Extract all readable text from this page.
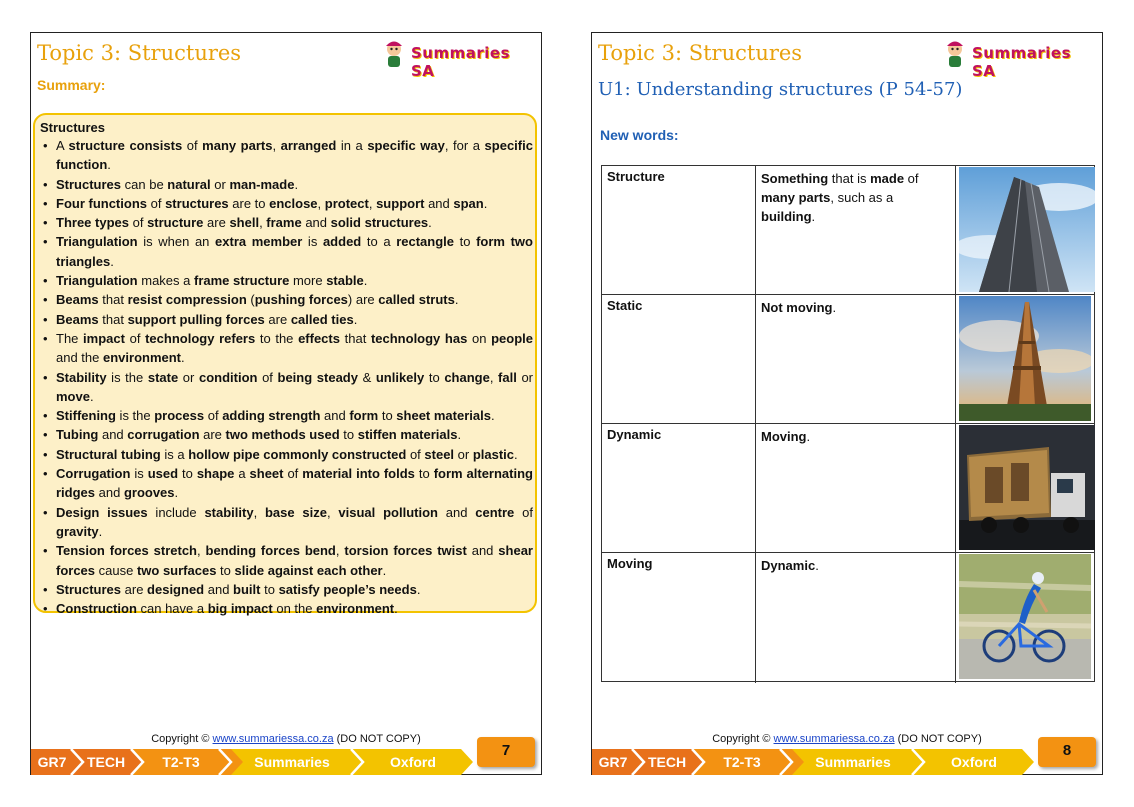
Topic 3: Structures	Summaries SA
Summary:
Structures
• A structure consists of many parts, arranged in a specific way, for a specific function.
• Structures can be natural or man-made.
• Four functions of structures are to enclose, protect, support and span.
• Three types of structure are shell, frame and solid structures.
• Triangulation is when an extra member is added to a rectangle to form two triangles.
• Triangulation makes a frame structure more stable.
• Beams that resist compression (pushing forces) are called struts.
• Beams that support pulling forces are called ties.
• The impact of technology refers to the effects that technology has on people and the environment.
• Stability is the state or condition of being steady & unlikely to change, fall or move.
• Stiffening is the process of adding strength and form to sheet materials.
• Tubing and corrugation are two methods used to stiffen materials.
• Structural tubing is a hollow pipe commonly constructed of steel or plastic.
• Corrugation is used to shape a sheet of material into folds to form alternating ridges and grooves.
• Design issues include stability, base size, visual pollution and centre of gravity.
• Tension forces stretch, bending forces bend, torsion forces twist and shear forces cause two surfaces to slide against each other.
• Structures are designed and built to satisfy people’s needs.
• Construction can have a big impact on the environment.
Copyright © www.summariessa.co.za (DO NOT COPY)
GR7	TECH	T2-T3	Summaries	Oxford
7
Topic 3: Structures	Summaries SA
U1: Understanding structures (P 54-57)
New words:
Structure	Something that is made of many parts, such as a building.
Static	Not moving.
Dynamic	Moving.
Moving	Dynamic.
Copyright © www.summariessa.co.za (DO NOT COPY)
GR7	TECH	T2-T3	Summaries	Oxford
8
